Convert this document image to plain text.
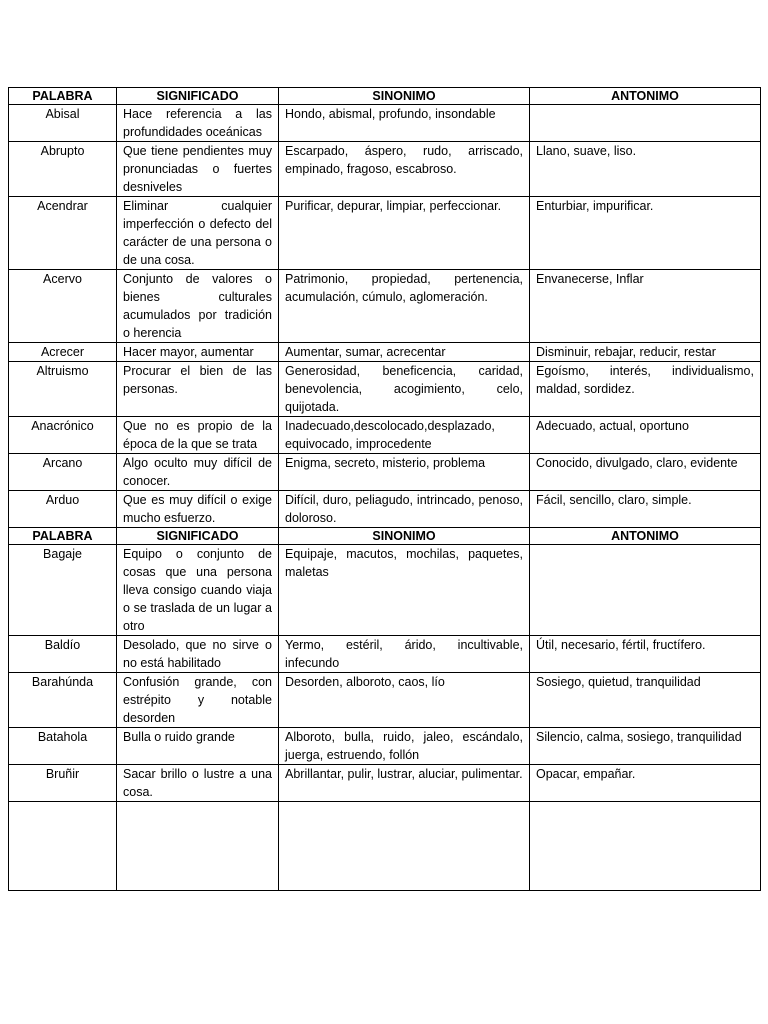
PALABRA	SIGNIFICADO	SINONIMO	ANTONIMO
Abisal	Hace referencia a las profundidades oceánicas	Hondo, abismal, profundo, insondable	
Abrupto	Que tiene pendientes muy pronunciadas o fuertes desniveles	Escarpado, áspero, rudo, arriscado, empinado, fragoso, escabroso.	Llano, suave, liso.
Acendrar	Eliminar cualquier imperfección o defecto del carácter de una persona o de una cosa.	Purificar, depurar, limpiar, perfeccionar.	Enturbiar, impurificar.
Acervo	Conjunto de valores o bienes culturales acumulados por tradición o herencia	Patrimonio, propiedad, pertenencia, acumulación, cúmulo, aglomeración.	Envanecerse, Inflar
Acrecer	Hacer mayor, aumentar	Aumentar, sumar, acrecentar	Disminuir, rebajar, reducir, restar
Altruismo	Procurar el bien de las personas.	Generosidad, beneficencia, caridad, benevolencia, acogimiento, celo, quijotada.	Egoísmo, interés, individualismo, maldad, sordidez.
Anacrónico	Que no es propio de la época de la que se trata	Inadecuado,descolocado,desplazado, equivocado, improcedente	Adecuado, actual, oportuno
Arcano	Algo oculto muy difícil de conocer.	Enigma, secreto, misterio, problema	Conocido, divulgado, claro, evidente
Arduo	Que es muy difícil o exige mucho esfuerzo.	Difícil, duro, peliagudo, intrincado, penoso, doloroso.	Fácil, sencillo, claro, simple.
PALABRA	SIGNIFICADO	SINONIMO	ANTONIMO
Bagaje	Equipo o conjunto de cosas que una persona lleva consigo cuando viaja o se traslada de un lugar a otro	Equipaje, macutos, mochilas, paquetes, maletas	
Baldío	Desolado, que no sirve o no está habilitado	Yermo, estéril, árido, incultivable, infecundo	Útil, necesario, fértil, fructífero.
Barahúnda	Confusión grande, con estrépito y notable desorden	Desorden, alboroto, caos, lío	Sosiego, quietud, tranquilidad
Batahola	Bulla o ruido grande	Alboroto, bulla, ruido, jaleo, escándalo, juerga, estruendo, follón	Silencio, calma, sosiego, tranquilidad
Bruñir	Sacar brillo o lustre a una cosa.	Abrillantar, pulir, lustrar, aluciar, pulimentar.	Opacar, empañar.
